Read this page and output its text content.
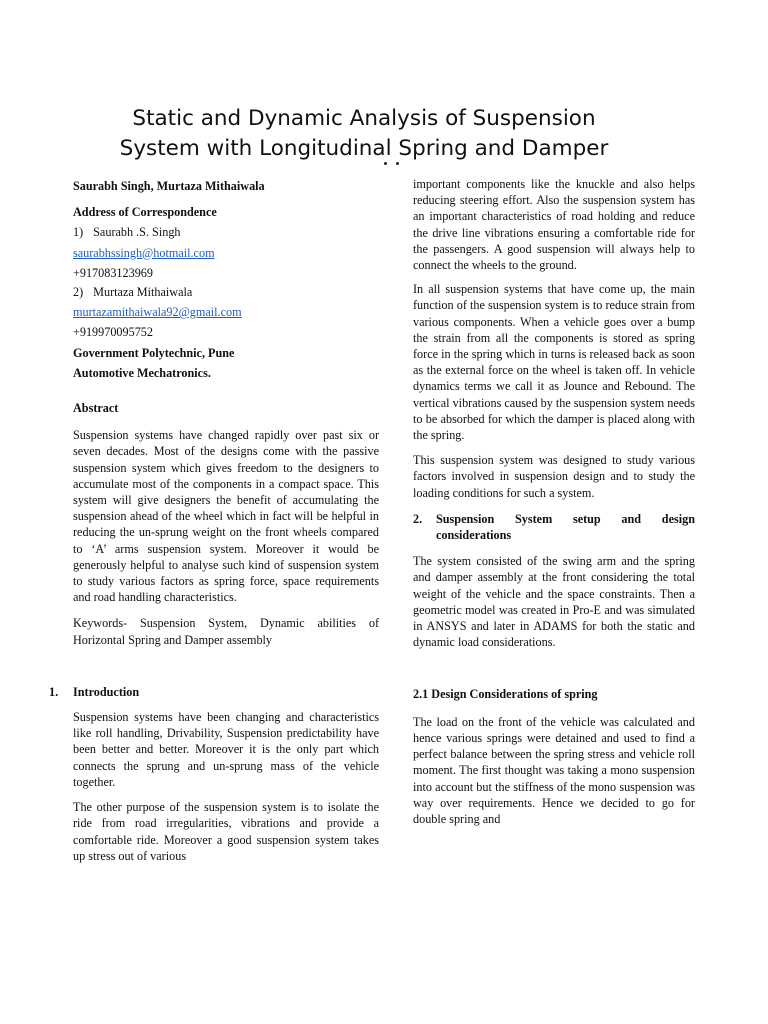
Static and Dynamic Analysis of Suspension
System with Longitudinal Spring and Damper

Saurabh Singh, Murtaza Mithaiwala

Address of Correspondence

1) Saurabh .S. Singh

saurabhssingh@hotmail.com

+917083123969

2) Murtaza Mithaiwala

murtazamithaiwala92@gmail.com

+919970095752

Government Polytechnic, Pune

Automotive Mechatronics.

Abstract

Suspension systems have changed rapidly over past six or seven decades. Most of the designs come with the passive suspension system which gives freedom to the designers to accumulate most of the components in a compact space. This system will give designers the benefit of accumulating the suspension ahead of the wheel which in fact will be helpful in reducing the un-sprung weight on the front wheels compared to ‘A’ arms suspension system. Moreover it would be generously helpful to analyse such kind of suspension system to study various factors as spring force, space requirements and road handling characteristics.

Keywords- Suspension System, Dynamic abilities of Horizontal Spring and Damper assembly

1. Introduction

Suspension systems have been changing and characteristics like roll handling, Drivability, Suspension predictability have been better and better. Moreover it is the only part which connects the sprung and un-sprung mass of the vehicle together.

The other purpose of the suspension system is to isolate the ride from road irregularities, vibrations and provide a comfortable ride. Moreover a good suspension system takes up stress out of various

important components like the knuckle and also helps reducing steering effort. Also the suspension system has an important characteristics of road holding and reduce the drive line vibrations ensuring a comfortable ride for the passengers. A good suspension will always help to connect the wheels to the ground.

In all suspension systems that have come up, the main function of the suspension system is to reduce strain from various components. When a vehicle goes over a bump the strain from all the components is stored as spring force in the spring which in turns is released back as soon as the external force on the wheel is taken off. In vehicle dynamics terms we call it as Jounce and Rebound. The vertical vibrations caused by the suspension system needs to be absorbed for which the damper is placed along with the spring.

This suspension system was designed to study various factors involved in suspension design and to study the loading conditions for such a system.

2. Suspension System setup and design considerations

The system consisted of the swing arm and the spring and damper assembly at the front considering the total weight of the vehicle and the space constraints. Then a geometric model was created in Pro-E and was simulated in ANSYS and later in ADAMS for both the static and dynamic load considerations.

2.1 Design Considerations of spring

The load on the front of the vehicle was calculated and hence various springs were detained and used to find a perfect balance between the spring stress and vehicle roll moment. The first thought was taking a mono suspension into account but the stiffness of the mono suspension was way over requirements. Hence we decided to go for double spring and
